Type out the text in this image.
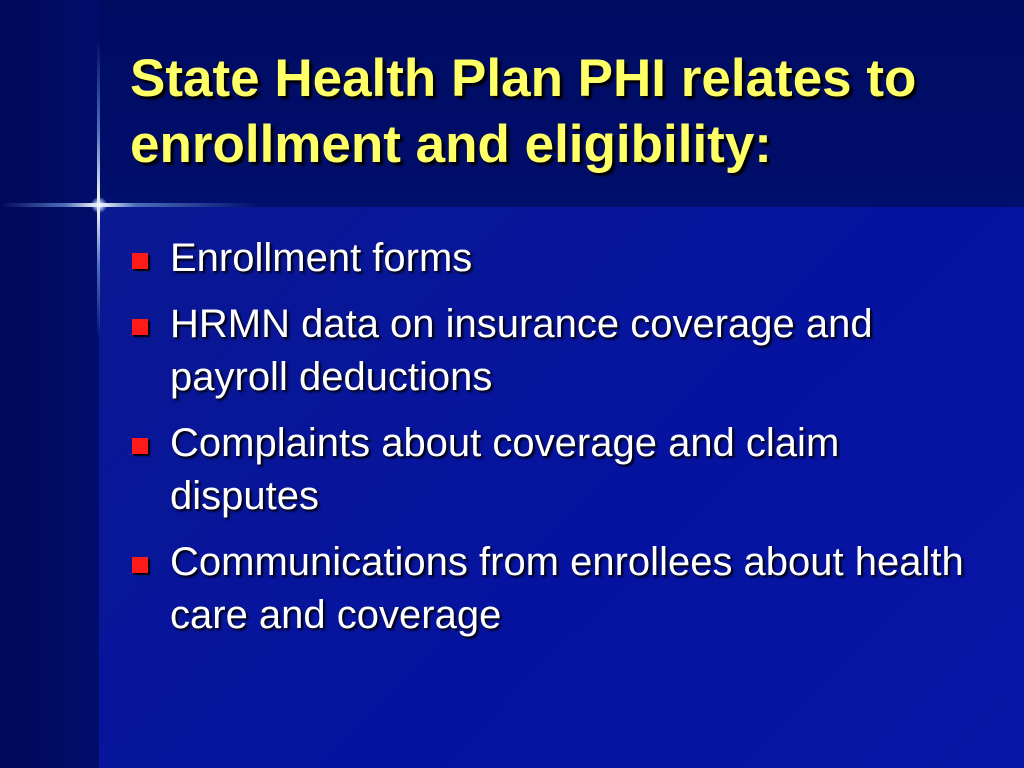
State Health Plan PHI relates to enrollment and eligibility:
Enrollment forms
HRMN data on insurance coverage and payroll deductions
Complaints about coverage and claim disputes
Communications from enrollees about health care and coverage
